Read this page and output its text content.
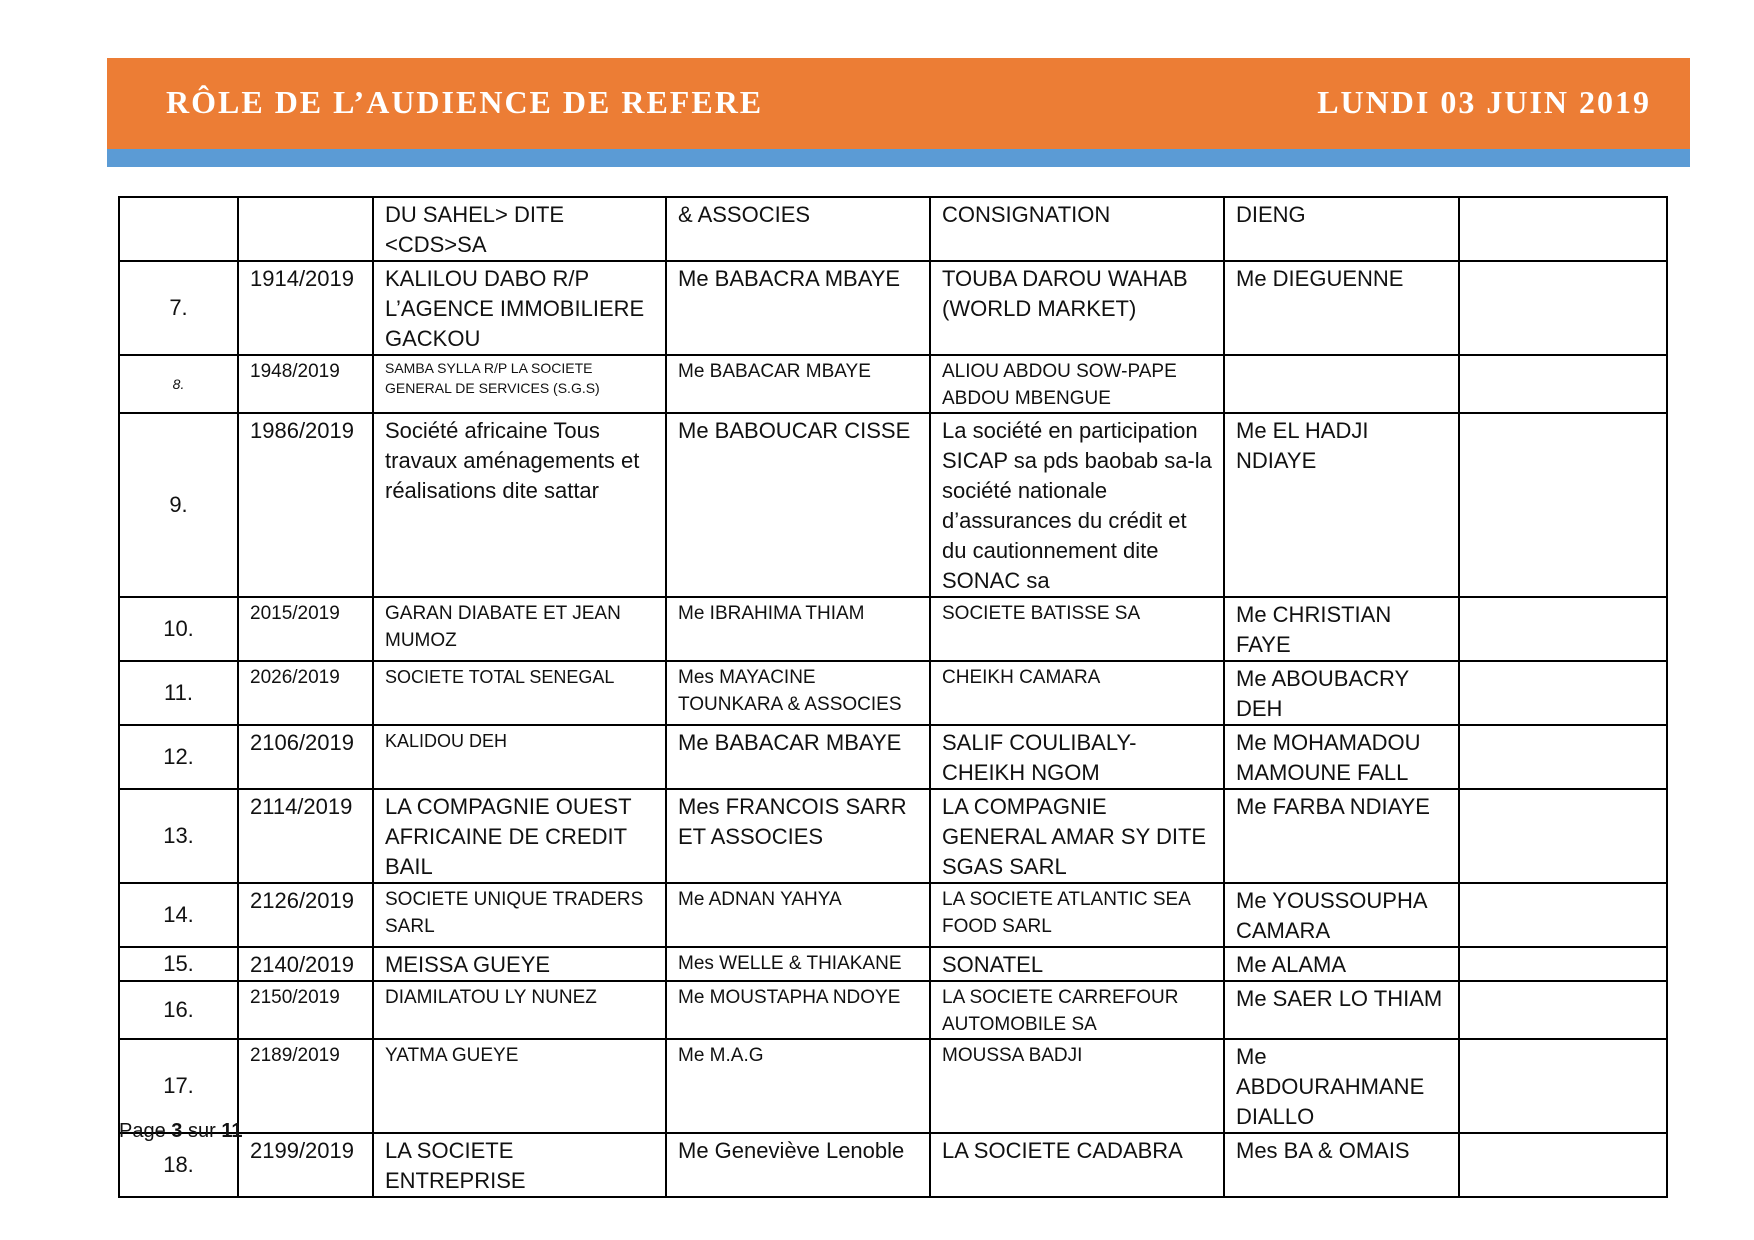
RÔLE DE L’AUDIENCE DE REFERE	LUNDI 03 JUIN 2019
		DU SAHEL> DITE <CDS>SA	& ASSOCIES	CONSIGNATION	DIENG	
7.	1914/2019	KALILOU DABO R/P L’AGENCE IMMOBILIERE GACKOU	Me BABACRA MBAYE	TOUBA DAROU WAHAB (WORLD MARKET)	Me DIEGUENNE	
8.	1948/2019	SAMBA SYLLA R/P LA SOCIETE GENERAL DE SERVICES (S.G.S)	Me BABACAR MBAYE	ALIOU ABDOU SOW-PAPE ABDOU MBENGUE		
9.	1986/2019	Société africaine Tous travaux aménagements et réalisations dite sattar	Me BABOUCAR CISSE	La société en participation SICAP sa pds baobab sa-la société nationale d’assurances du crédit et du cautionnement dite SONAC sa	Me EL HADJI NDIAYE	
10.	2015/2019	GARAN DIABATE ET JEAN MUMOZ	Me IBRAHIMA THIAM	SOCIETE BATISSE SA	Me CHRISTIAN FAYE	
11.	2026/2019	SOCIETE TOTAL SENEGAL	Mes MAYACINE TOUNKARA & ASSOCIES	CHEIKH CAMARA	Me ABOUBACRY DEH	
12.	2106/2019	KALIDOU DEH	Me BABACAR MBAYE	SALIF COULIBALY-CHEIKH NGOM	Me MOHAMADOU MAMOUNE FALL	
13.	2114/2019	LA COMPAGNIE OUEST AFRICAINE DE CREDIT BAIL	Mes FRANCOIS SARR ET ASSOCIES	LA COMPAGNIE GENERAL AMAR SY DITE SGAS SARL	Me FARBA NDIAYE	
14.	2126/2019	SOCIETE UNIQUE TRADERS SARL	Me ADNAN YAHYA	LA SOCIETE ATLANTIC SEA FOOD SARL	Me YOUSSOUPHA CAMARA	
15.	2140/2019	MEISSA GUEYE	Mes WELLE & THIAKANE	SONATEL	Me ALAMA	
16.	2150/2019	DIAMILATOU LY NUNEZ	Me MOUSTAPHA NDOYE	LA SOCIETE CARREFOUR AUTOMOBILE SA	Me SAER LO THIAM	
17.	2189/2019	YATMA GUEYE	Me M.A.G	MOUSSA BADJI	Me ABDOURAHMANE DIALLO	
18.	2199/2019	LA SOCIETE ENTREPRISE	Me Geneviève Lenoble	LA SOCIETE CADABRA	Mes BA & OMAIS	
Page 3 sur 11
